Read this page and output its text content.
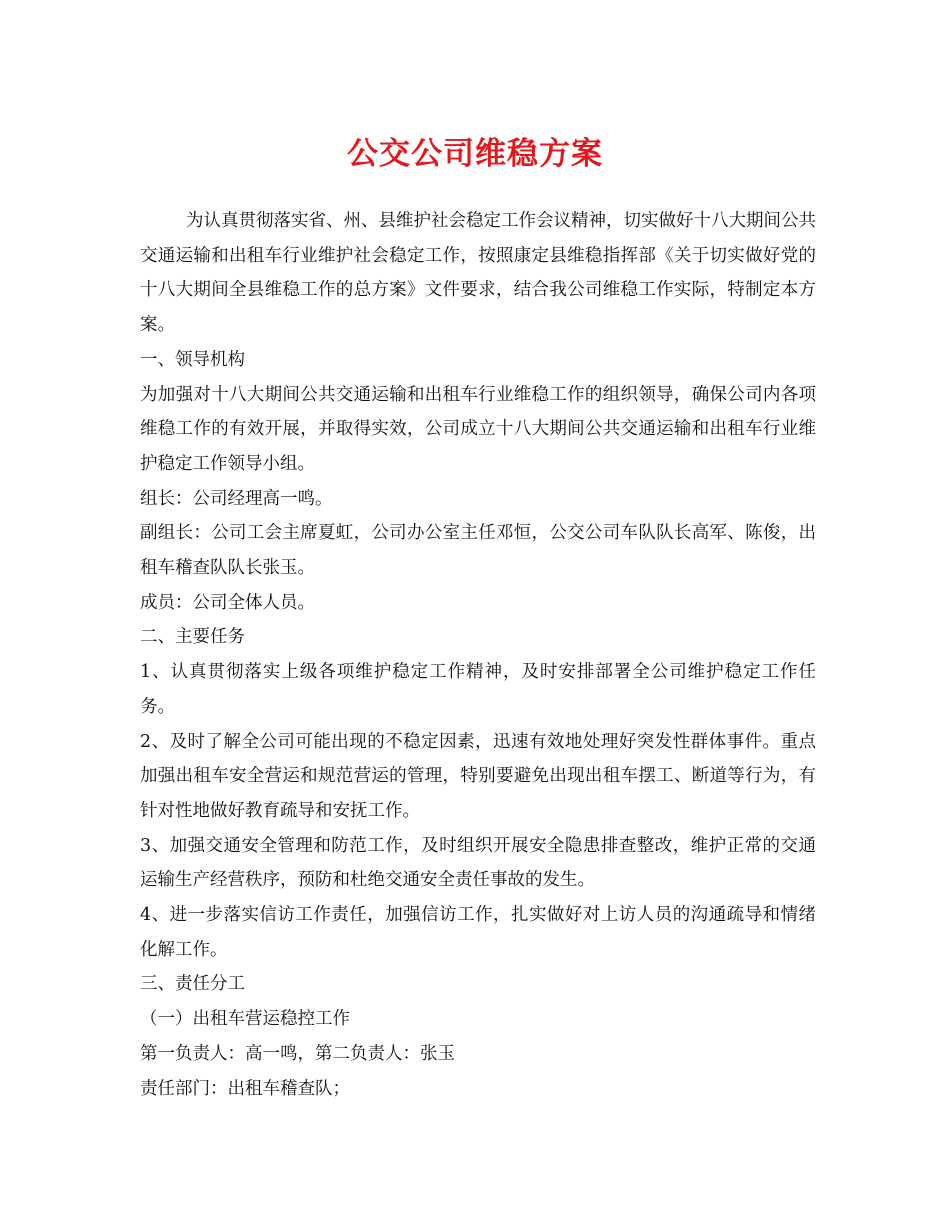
公交公司维稳方案

为认真贯彻落实省、州、县维护社会稳定工作会议精神，切实做好十八大期间公共交通运输和出租车行业维护社会稳定工作，按照康定县维稳指挥部《关于切实做好党的十八大期间全县维稳工作的总方案》文件要求，结合我公司维稳工作实际，特制定本方案。

一、领导机构

为加强对十八大期间公共交通运输和出租车行业维稳工作的组织领导，确保公司内各项维稳工作的有效开展，并取得实效，公司成立十八大期间公共交通运输和出租车行业维护稳定工作领导小组。

组长：公司经理高一鸣。

副组长：公司工会主席夏虹，公司办公室主任邓恒，公交公司车队队长高军、陈俊，出租车稽查队队长张玉。

成员：公司全体人员。

二、主要任务

1、认真贯彻落实上级各项维护稳定工作精神，及时安排部署全公司维护稳定工作任务。

2、及时了解全公司可能出现的不稳定因素，迅速有效地处理好突发性群体事件。重点加强出租车安全营运和规范营运的管理，特别要避免出现出租车摆工、断道等行为，有针对性地做好教育疏导和安抚工作。

3、加强交通安全管理和防范工作，及时组织开展安全隐患排查整改，维护正常的交通运输生产经营秩序，预防和杜绝交通安全责任事故的发生。

4、进一步落实信访工作责任，加强信访工作，扎实做好对上访人员的沟通疏导和情绪化解工作。

三、责任分工

（一）出租车营运稳控工作

第一负责人：高一鸣，第二负责人：张玉

责任部门：出租车稽查队；
